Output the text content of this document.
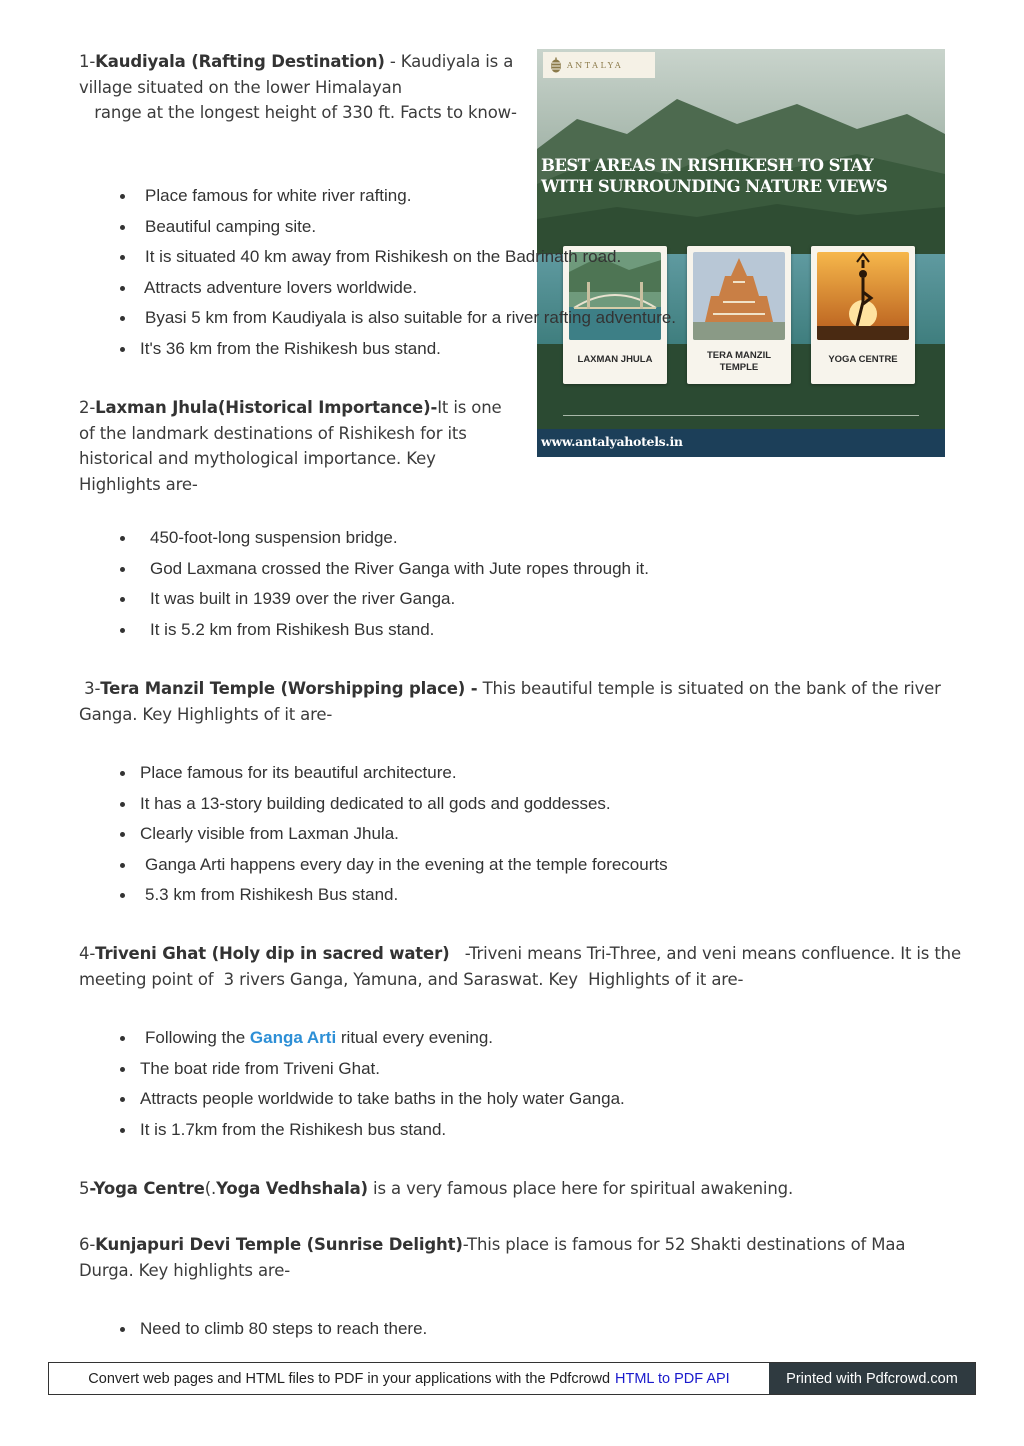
ANTALYA

BEST AREAS IN RISHIKESH TO STAY
WITH SURROUNDING NATURE VIEWS

LAXMAN JHULA	TERA MANZIL TEMPLE
YOGA CENTRE
www.antalyahotels.in

1-Kaudiyala (Rafting Destination) - Kaudiyala is a village situated on the lower Himalayan
range at the longest height of 330 ft. Facts to know-

Place famous for white river rafting.
Beautiful camping site.
It is situated 40 km away from Rishikesh on the Badrinath road.
Attracts adventure lovers worldwide.
Byasi 5 km from Kaudiyala is also suitable for a river rafting adventure.
It's 36 km from the Rishikesh bus stand.

2-Laxman Jhula(Historical Importance)-It is one of the landmark destinations of Rishikesh for its historical and mythological importance. Key Highlights are-

450-foot-long suspension bridge.
God Laxmana crossed the River Ganga with Jute ropes through it.
It was built in 1939 over the river Ganga.
It is 5.2 km from Rishikesh Bus stand.

3-Tera Manzil Temple (Worshipping place) - This beautiful temple is situated on the bank of the river Ganga. Key Highlights of it are-

Place famous for its beautiful architecture.
It has a 13-story building dedicated to all gods and goddesses.
Clearly visible from Laxman Jhula.
Ganga Arti happens every day in the evening at the temple forecourts
5.3 km from Rishikesh Bus stand.

4-Triveni Ghat (Holy dip in sacred water)   -Triveni means Tri-Three, and veni means confluence. It is the meeting point of  3 rivers Ganga, Yamuna, and Saraswat. Key  Highlights of it are-

Following the Ganga Arti ritual every evening.
The boat ride from Triveni Ghat.
Attracts people worldwide to take baths in the holy water Ganga.
It is 1.7km from the Rishikesh bus stand.

5-Yoga Centre(.Yoga Vedhshala) is a very famous place here for spiritual awakening.

6-Kunjapuri Devi Temple (Sunrise Delight)-This place is famous for 52 Shakti destinations of Maa Durga. Key highlights are-

Need to climb 80 steps to reach there.
Convert web pages and HTML files to PDF in your applications with the Pdfcrowd HTML to PDF API	Printed with Pdfcrowd.com
